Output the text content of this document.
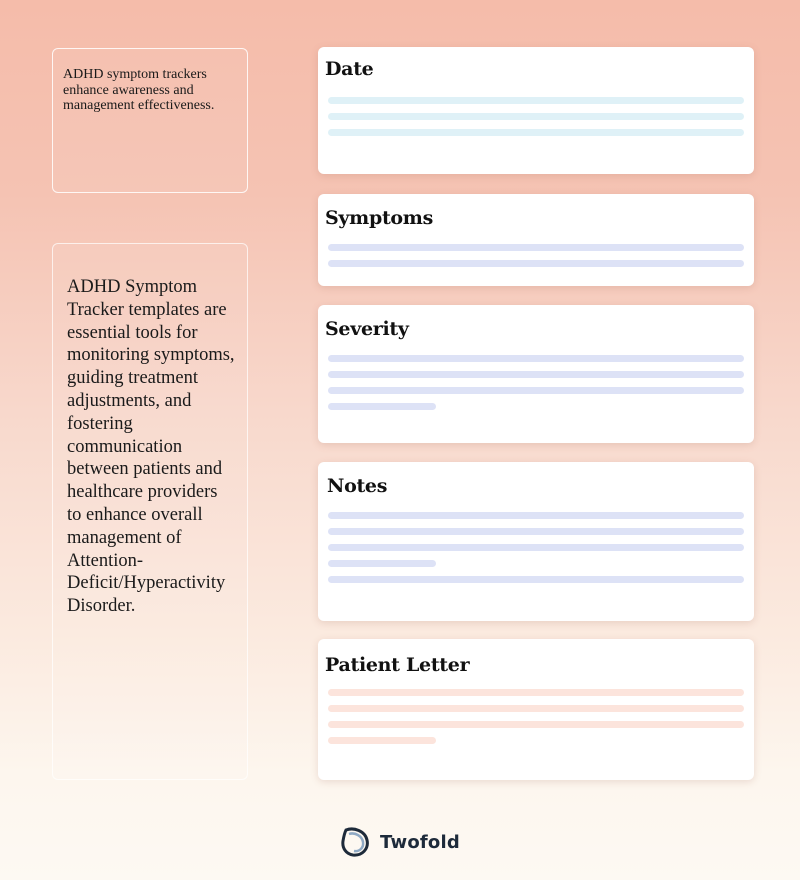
ADHD symptom trackers enhance awareness and management effectiveness.
ADHD Symptom Tracker templates are essential tools for monitoring symptoms, guiding treatment adjustments, and fostering communication between patients and healthcare providers to enhance overall management of Attention-Deficit/Hyperactivity Disorder.
Date
Symptoms
Severity
Notes
Patient Letter
Twofold
